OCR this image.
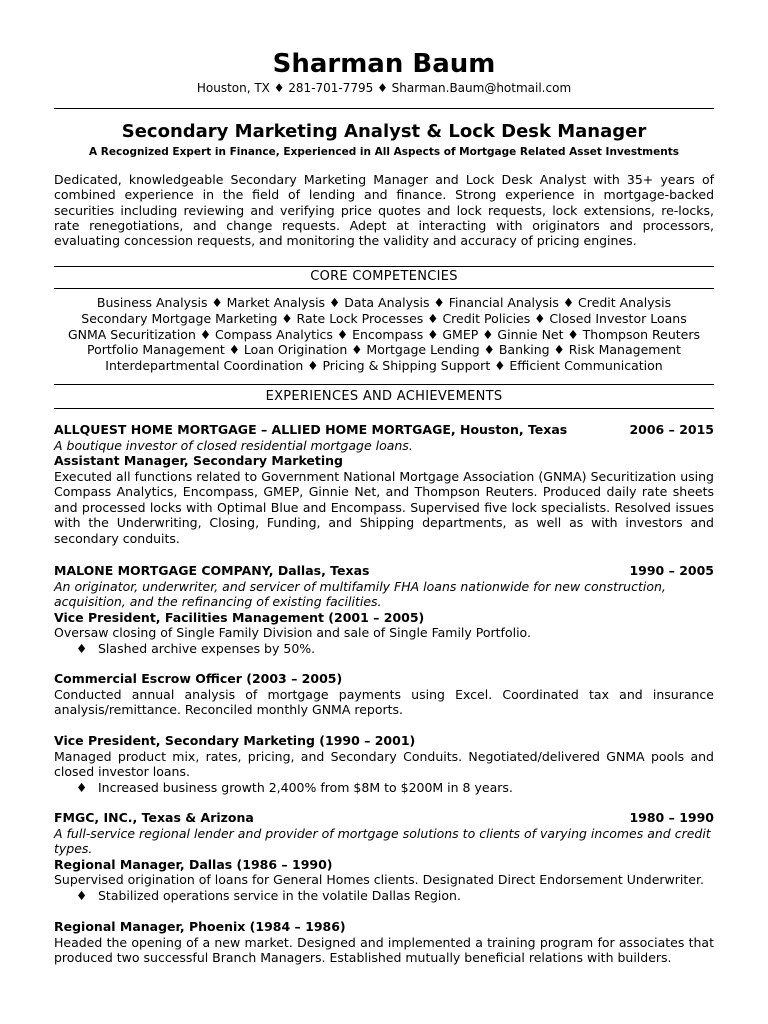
Sharman Baum
Houston, TX ♦ 281-701-7795 ♦ Sharman.Baum@hotmail.com
Secondary Marketing Analyst & Lock Desk Manager
A Recognized Expert in Finance, Experienced in All Aspects of Mortgage Related Asset Investments
Dedicated, knowledgeable Secondary Marketing Manager and Lock Desk Analyst with 35+ years of combined experience in the field of lending and finance. Strong experience in mortgage-backed securities including reviewing and verifying price quotes and lock requests, lock extensions, re-locks, rate renegotiations, and change requests. Adept at interacting with originators and processors, evaluating concession requests, and monitoring the validity and accuracy of pricing engines.
CORE COMPETENCIES
Business Analysis ♦ Market Analysis ♦ Data Analysis ♦ Financial Analysis ♦ Credit Analysis
Secondary Mortgage Marketing ♦ Rate Lock Processes ♦ Credit Policies ♦ Closed Investor Loans
GNMA Securitization ♦ Compass Analytics ♦ Encompass ♦ GMEP ♦ Ginnie Net ♦ Thompson Reuters
Portfolio Management ♦ Loan Origination ♦ Mortgage Lending ♦ Banking ♦ Risk Management
Interdepartmental Coordination ♦ Pricing & Shipping Support ♦ Efficient Communication
EXPERIENCES AND ACHIEVEMENTS
ALLQUEST HOME MORTGAGE – ALLIED HOME MORTGAGE, Houston, Texas	2006 – 2015
A boutique investor of closed residential mortgage loans.
Assistant Manager, Secondary Marketing
Executed all functions related to Government National Mortgage Association (GNMA) Securitization using Compass Analytics, Encompass, GMEP, Ginnie Net, and Thompson Reuters. Produced daily rate sheets and processed locks with Optimal Blue and Encompass. Supervised five lock specialists. Resolved issues with the Underwriting, Closing, Funding, and Shipping departments, as well as with investors and secondary conduits.
MALONE MORTGAGE COMPANY, Dallas, Texas	1990 – 2005
An originator, underwriter, and servicer of multifamily FHA loans nationwide for new construction, acquisition, and the refinancing of existing facilities.
Vice President, Facilities Management (2001 – 2005)
Oversaw closing of Single Family Division and sale of Single Family Portfolio.
♦ Slashed archive expenses by 50%.
Commercial Escrow Officer (2003 – 2005)
Conducted annual analysis of mortgage payments using Excel. Coordinated tax and insurance analysis/remittance. Reconciled monthly GNMA reports.
Vice President, Secondary Marketing (1990 – 2001)
Managed product mix, rates, pricing, and Secondary Conduits. Negotiated/delivered GNMA pools and closed investor loans.
♦ Increased business growth 2,400% from $8M to $200M in 8 years.
FMGC, INC., Texas & Arizona	1980 – 1990
A full-service regional lender and provider of mortgage solutions to clients of varying incomes and credit types.
Regional Manager, Dallas (1986 – 1990)
Supervised origination of loans for General Homes clients. Designated Direct Endorsement Underwriter.
♦ Stabilized operations service in the volatile Dallas Region.
Regional Manager, Phoenix (1984 – 1986)
Headed the opening of a new market. Designed and implemented a training program for associates that produced two successful Branch Managers. Established mutually beneficial relations with builders.
